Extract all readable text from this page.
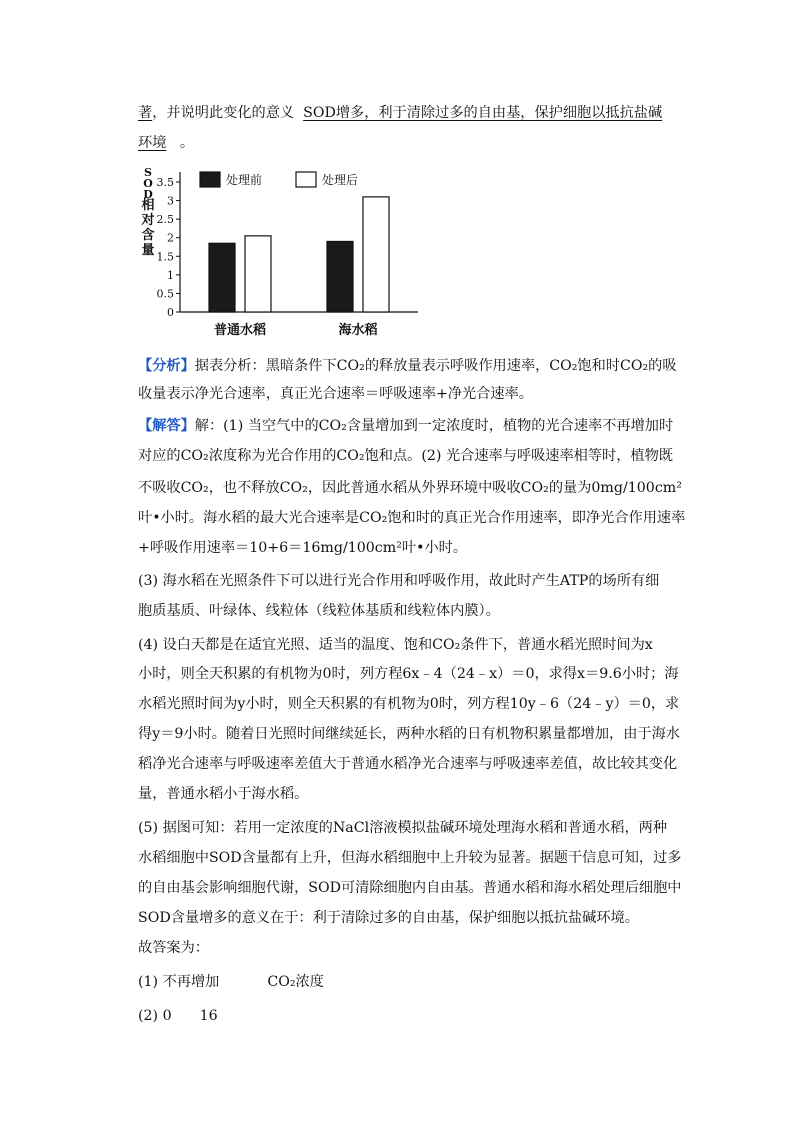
著，并说明此变化的意义 SOD增多，利于清除过多的自由基，保护细胞以抵抗盐碱
环境 。
S
O
D
相
对
含
量
0
0.5
1
1.5
2
2.5
3
3.5
普通水稻	海水稻
处理前	处理后
【分析】据表分析：黑暗条件下CO₂的释放量表示呼吸作用速率，CO₂饱和时CO₂的吸
收量表示净光合速率，真正光合速率＝呼吸速率+净光合速率。
【解答】解：(1) 当空气中的CO₂含量增加到一定浓度时，植物的光合速率不再增加时
对应的CO₂浓度称为光合作用的CO₂饱和点。(2) 光合速率与呼吸速率相等时，植物既
不吸收CO₂，也不释放CO₂，因此普通水稻从外界环境中吸收CO₂的量为0mg/100cm²
叶•小时。海水稻的最大光合速率是CO₂饱和时的真正光合作用速率，即净光合作用速率
+呼吸作用速率＝10+6＝16mg/100cm²叶•小时。
(3) 海水稻在光照条件下可以进行光合作用和呼吸作用，故此时产生ATP的场所有细
胞质基质、叶绿体、线粒体（线粒体基质和线粒体内膜）。
(4) 设白天都是在适宜光照、适当的温度、饱和CO₂条件下，普通水稻光照时间为x
小时，则全天积累的有机物为0时，列方程6x﹣4（24﹣x）＝0，求得x＝9.6小时；海
水稻光照时间为y小时，则全天积累的有机物为0时，列方程10y﹣6（24﹣y）＝0，求
得y＝9小时。随着日光照时间继续延长，两种水稻的日有机物积累量都增加，由于海水
稻净光合速率与呼吸速率差值大于普通水稻净光合速率与呼吸速率差值，故比较其变化
量，普通水稻小于海水稻。
(5) 据图可知：若用一定浓度的NaCl溶液模拟盐碱环境处理海水稻和普通水稻，两种
水稻细胞中SOD含量都有上升，但海水稻细胞中上升较为显著。据题干信息可知，过多
的自由基会影响细胞代谢，SOD可清除细胞内自由基。普通水稻和海水稻处理后细胞中
SOD含量增多的意义在于：利于清除过多的自由基，保护细胞以抵抗盐碱环境。
故答案为：
(1) 不再增加	CO₂浓度
(2) 0 16
